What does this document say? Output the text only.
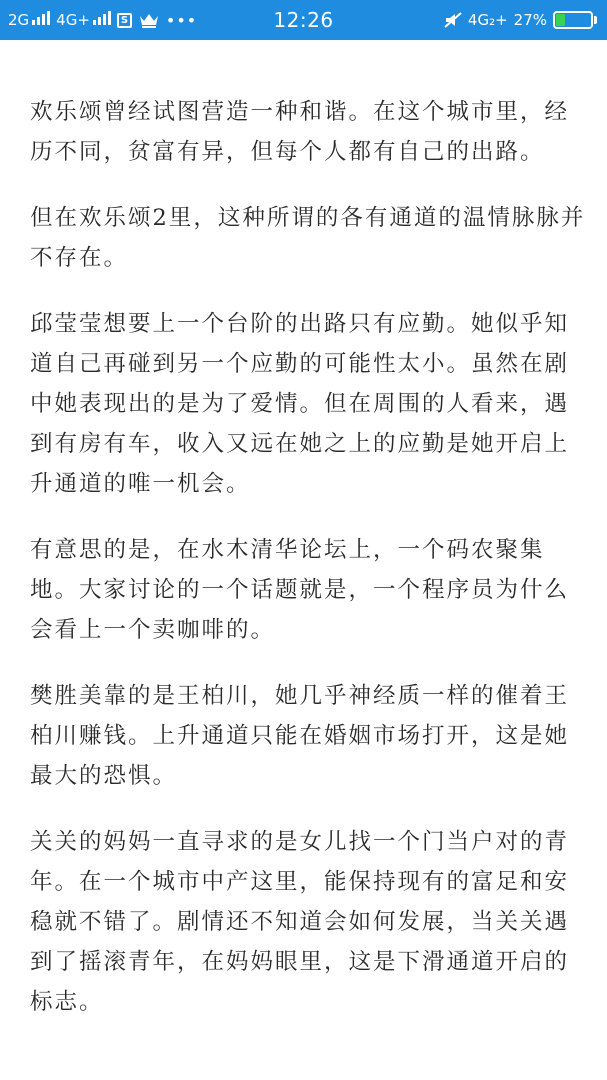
2G	4G+	S •••	12:26	4G₂+ 27%

欢乐颂曾经试图营造一种和谐。在这个城市里，经历不同，贫富有异，但每个人都有自己的出路。

但在欢乐颂2里，这种所谓的各有通道的温情脉脉并不存在。

邱莹莹想要上一个台阶的出路只有应勤。她似乎知道自己再碰到另一个应勤的可能性太小。虽然在剧中她表现出的是为了爱情。但在周围的人看来，遇到有房有车，收入又远在她之上的应勤是她开启上升通道的唯一机会。

有意思的是，在水木清华论坛上，一个码农聚集地。大家讨论的一个话题就是，一个程序员为什么会看上一个卖咖啡的。

樊胜美靠的是王柏川，她几乎神经质一样的催着王柏川赚钱。上升通道只能在婚姻市场打开，这是她最大的恐惧。

关关的妈妈一直寻求的是女儿找一个门当户对的青年。在一个城市中产这里，能保持现有的富足和安稳就不错了。剧情还不知道会如何发展，当关关遇到了摇滚青年，在妈妈眼里，这是下滑通道开启的标志。
